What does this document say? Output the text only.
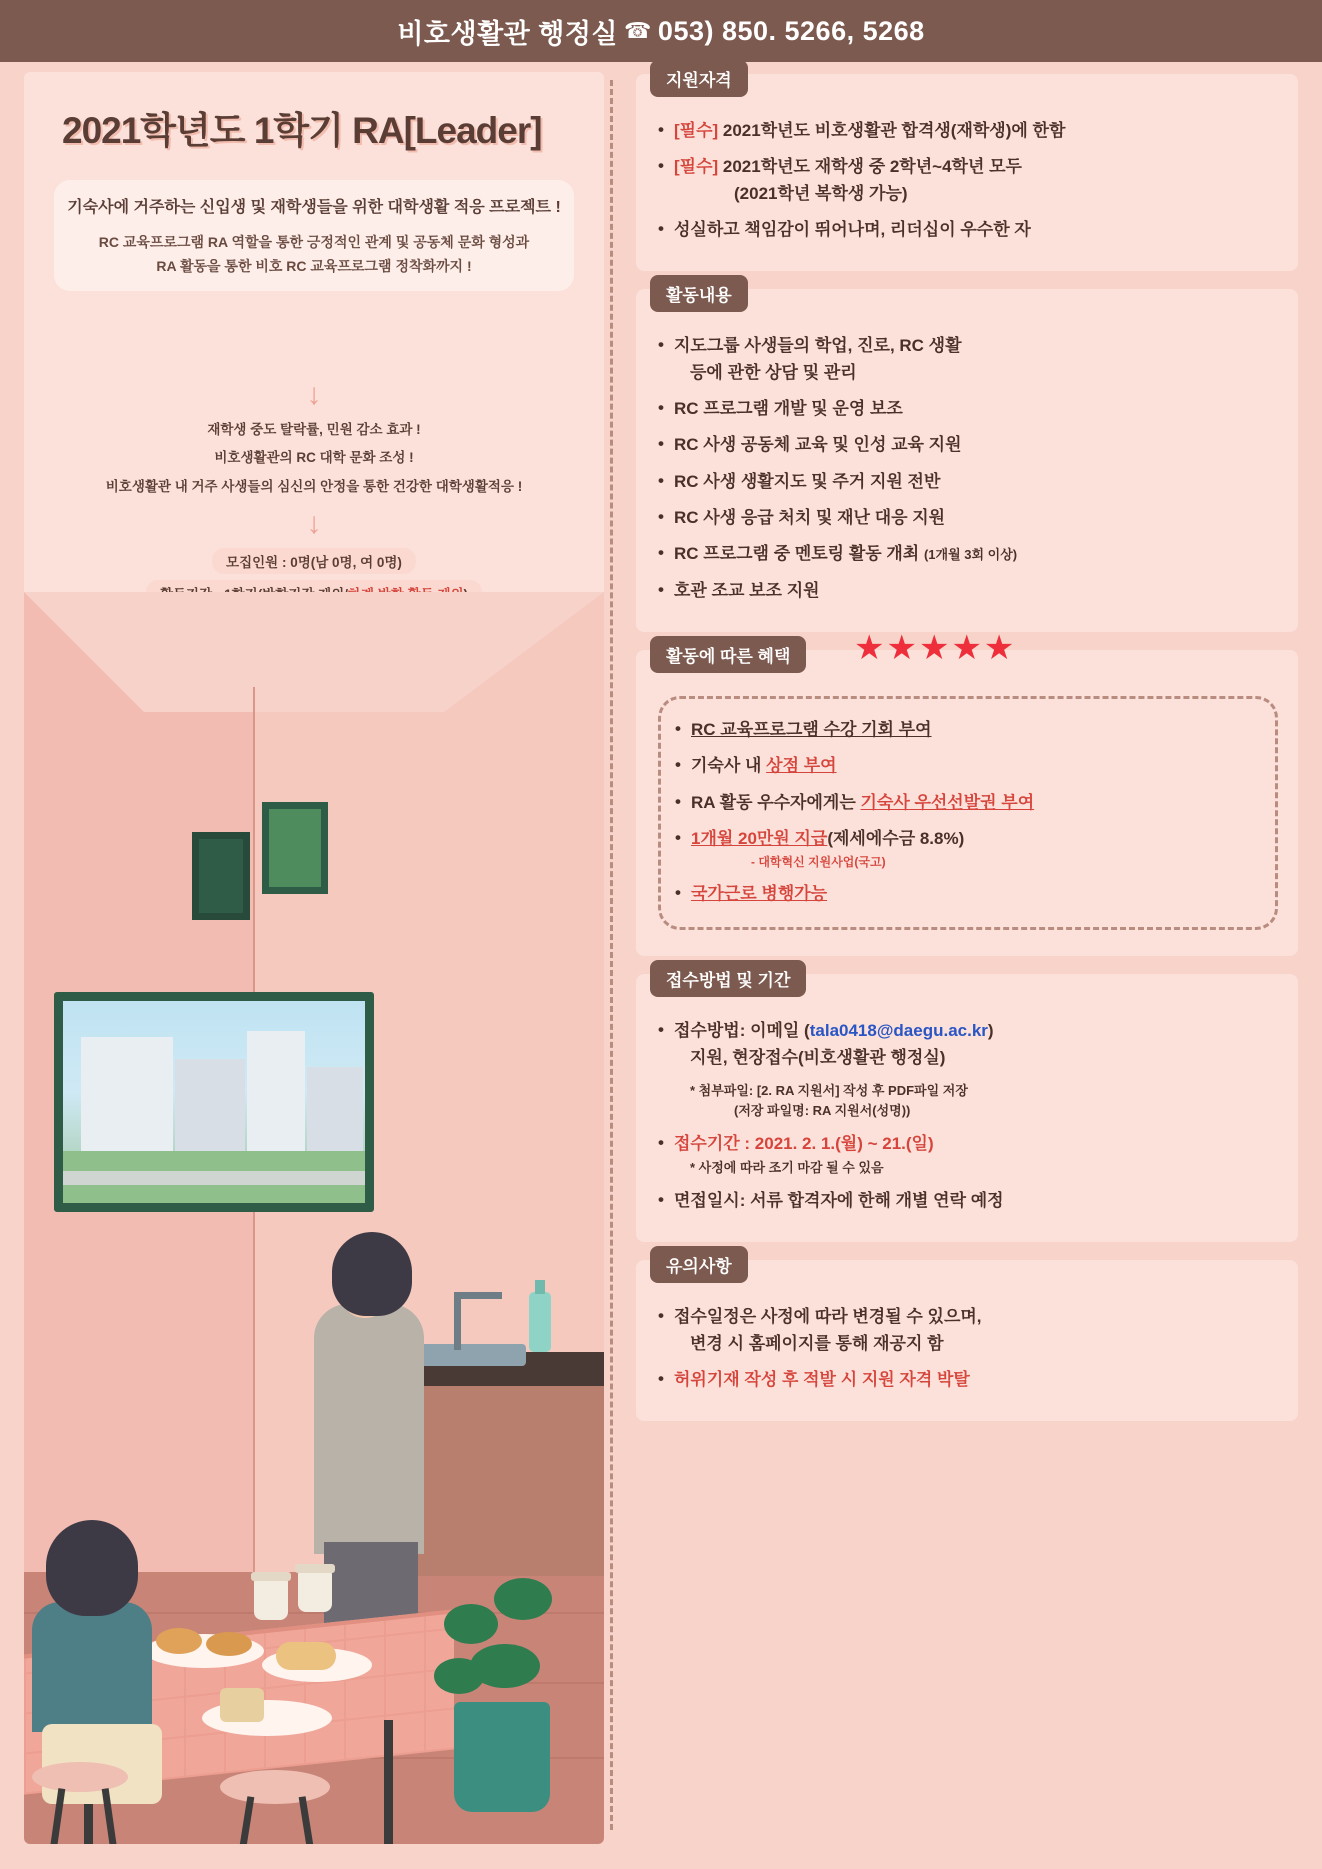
비호생활관 행정실 ☎ 053) 850. 5266, 5268
2021학년도 1학기 RA[Leader]
기숙사에 거주하는 신입생 및 재학생들을 위한 대학생활 적응 프로젝트 !
RC 교육프로그램 RA 역할을 통한 긍정적인 관계 및 공동체 문화 형성과
RA 활동을 통한 비호 RC 교육프로그램 정착화까지 !
↓
재학생 중도 탈락률, 민원 감소 효과 !
비호생활관의 RC 대학 문화 조성 !
비호생활관 내 거주 사생들의 심신의 안정을 통한 건강한 대학생활적응 !
↓
모집인원 : 0명(남 0명, 여 0명)
지원자격
• [필수] 2021학년도 비호생활관 합격생(재학생)에 한함
• [필수] 2021학년도 재학생 중 2학년~4학년 모두
(2021학년 복학생 가능)
• 성실하고 책임감이 뛰어나며, 리더십이 우수한 자
활동내용
• 지도그룹 사생들의 학업, 진로, RC 생활
등에 관한 상담 및 관리
• RC 프로그램 개발 및 운영 보조
• RC 사생 공동체 교육 및 인성 교육 지원
• RC 사생 생활지도 및 주거 지원 전반
• RC 사생 응급 처치 및 재난 대응 지원
• RC 프로그램 중 멘토링 활동 개최 (1개월 3회 이상)
• 호관 조교 보조 지원
활동에 따른 혜택	★★★★★
• RC 교육프로그램 수강 기회 부여
• 기숙사 내 상점 부여
• RA 활동 우수자에게는 기숙사 우선선발권 부여
• 1개월 20만원 지급(제세에수금 8.8%)
- 대학혁신 지원사업(국고)
• 국가근로 병행가능
접수방법 및 기간
• 접수방법: 이메일 (tala0418@daegu.ac.kr)
지원, 현장접수(비호생활관 행정실)
* 첨부파일: [2. RA 지원서] 작성 후 PDF파일 저장
(저장 파일명: RA 지원서(성명))
• 접수기간 : 2021. 2. 1.(월) ~ 21.(일)
* 사정에 따라 조기 마감 될 수 있음
• 면접일시: 서류 합격자에 한해 개별 연락 예정
유의사항
• 접수일정은 사정에 따라 변경될 수 있으며,
변경 시 홈페이지를 통해 재공지 함
• 허위기재 작성 후 적발 시 지원 자격 박탈
